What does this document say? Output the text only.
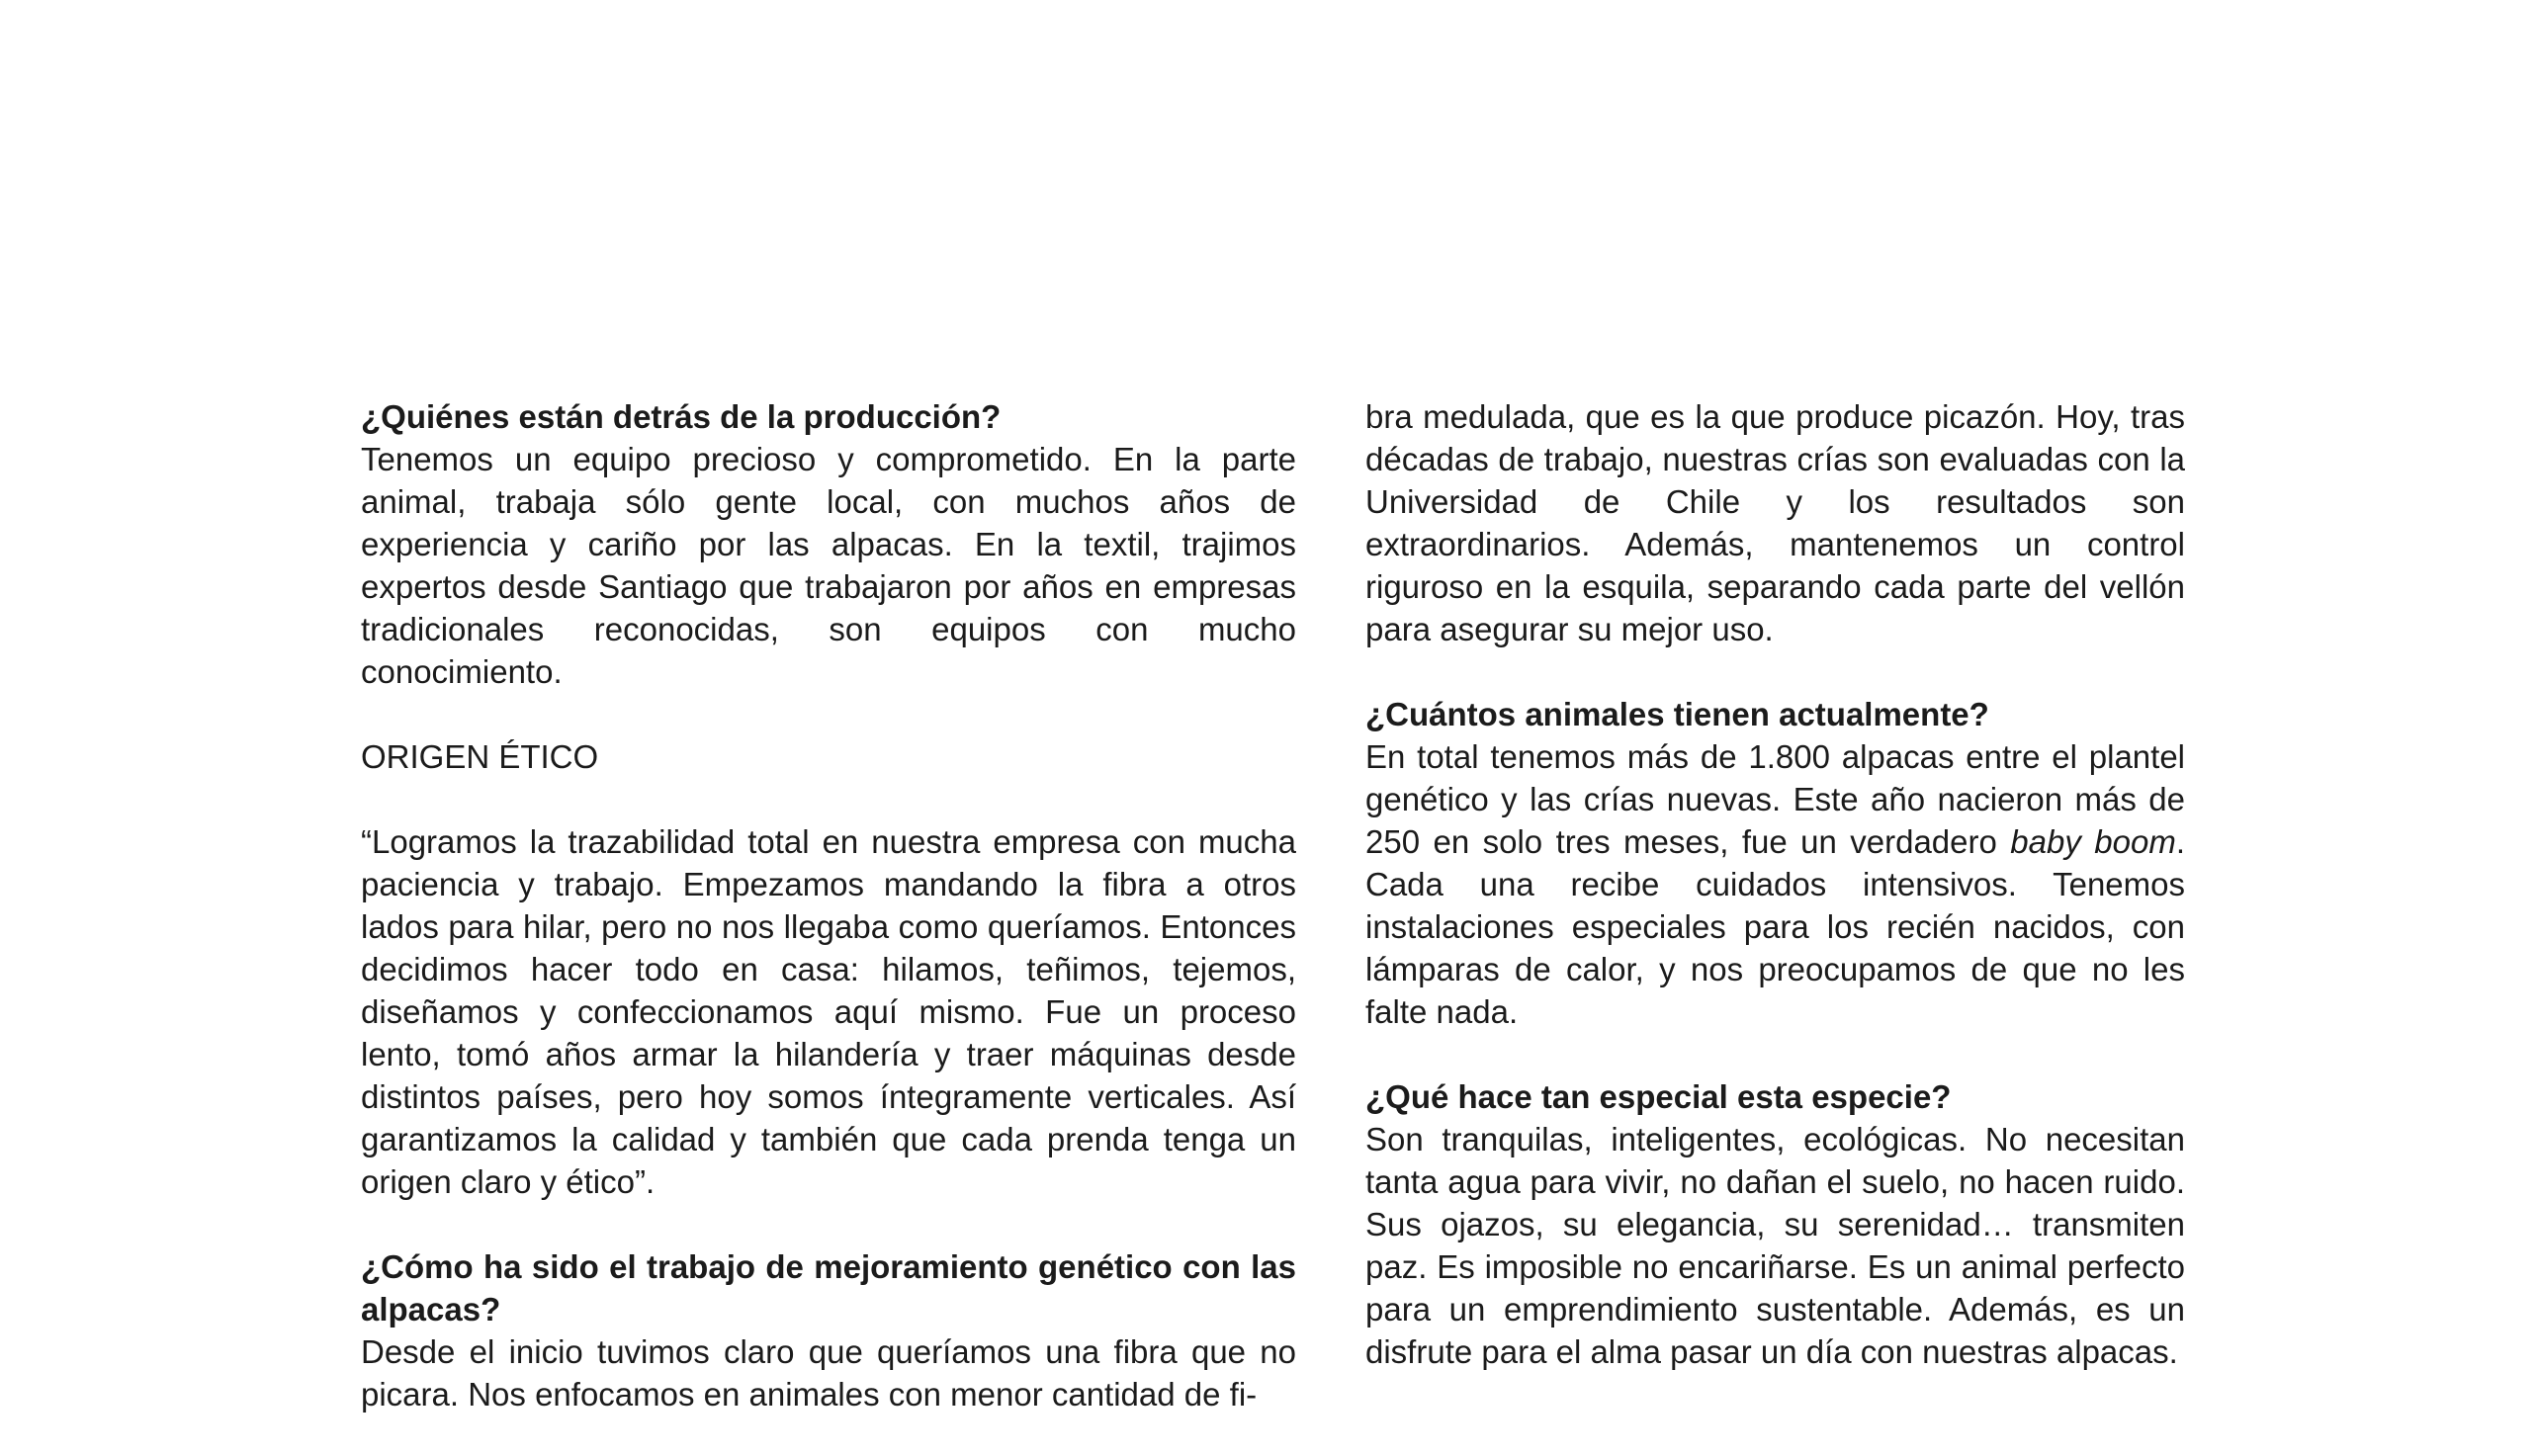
¿Quiénes están detrás de la producción?

Tenemos un equipo precioso y comprometido. En la parte animal, trabaja sólo gente local, con muchos años de experiencia y cariño por las alpacas. En la textil, trajimos expertos desde Santiago que trabajaron por años en empresas tradicionales reconocidas, son equipos con mucho conocimiento.

ORIGEN ÉTICO

“Logramos la trazabilidad total en nuestra empresa con mucha paciencia y trabajo. Empezamos mandando la fibra a otros lados para hilar, pero no nos llegaba como queríamos. Entonces decidimos hacer todo en casa: hilamos, teñimos, tejemos, diseñamos y confeccionamos aquí mismo. Fue un proceso lento, tomó años armar la hilandería y traer máquinas desde distintos países, pero hoy somos íntegramente verticales. Así garantizamos la calidad y también que cada prenda tenga un origen claro y ético”.

¿Cómo ha sido el trabajo de mejoramiento genético con las alpacas?

Desde el inicio tuvimos claro que queríamos una fibra que no picara. Nos enfocamos en animales con menor cantidad de fi-

bra medulada, que es la que produce picazón. Hoy, tras décadas de trabajo, nuestras crías son evaluadas con la Universidad de Chile y los resultados son extraordinarios. Además, mantenemos un control riguroso en la esquila, separando cada parte del vellón para asegurar su mejor uso.

¿Cuántos animales tienen actualmente?

En total tenemos más de 1.800 alpacas entre el plantel genético y las crías nuevas. Este año nacieron más de 250 en solo tres meses, fue un verdadero baby boom. Cada una recibe cuidados intensivos. Tenemos instalaciones especiales para los recién nacidos, con lámparas de calor, y nos preocupamos de que no les falte nada.

¿Qué hace tan especial esta especie?

Son tranquilas, inteligentes, ecológicas. No necesitan tanta agua para vivir, no dañan el suelo, no hacen ruido. Sus ojazos, su elegancia, su serenidad… transmiten paz. Es imposible no encariñarse. Es un animal perfecto para un emprendimiento sustentable. Además, es un disfrute para el alma pasar un día con nuestras alpacas.
